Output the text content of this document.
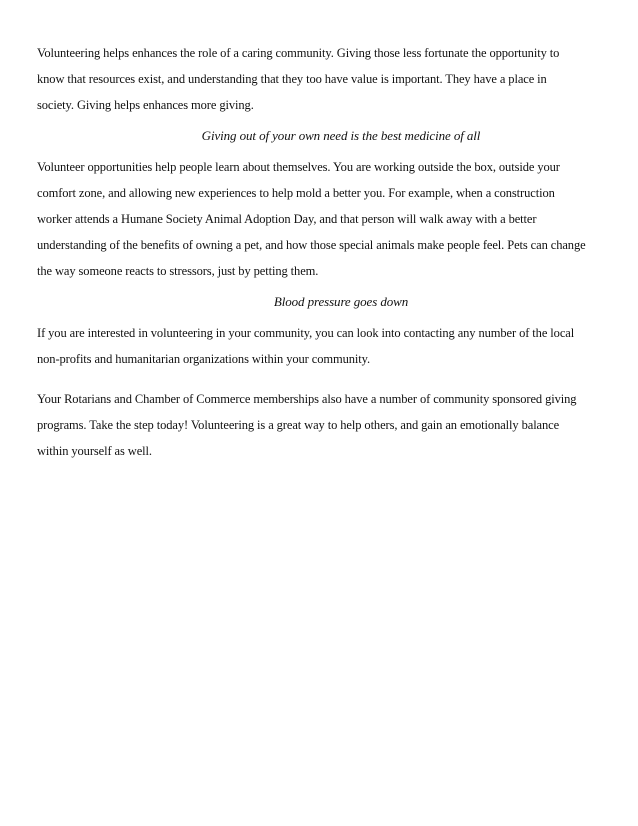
Volunteering helps enhances the role of a caring community. Giving those less fortunate the opportunity to
know that resources exist, and understanding that they too have value is important. They have a place in
society. Giving helps enhances more giving.
Giving out of your own need is the best medicine of all
Volunteer opportunities help people learn about themselves. You are working outside the box, outside your
comfort zone, and allowing new experiences to help mold a better you. For example, when a construction
worker attends a Humane Society Animal Adoption Day, and that person will walk away with a better
understanding of the benefits of owning a pet, and how those special animals make people feel. Pets can change
the way someone reacts to stressors, just by petting them.
Blood pressure goes down
If you are interested in volunteering in your community, you can look into contacting any number of the local
non-profits and humanitarian organizations within your community.
Your Rotarians and Chamber of Commerce memberships also have a number of community sponsored giving
programs. Take the step today! Volunteering is a great way to help others, and gain an emotionally balance
within yourself as well.
